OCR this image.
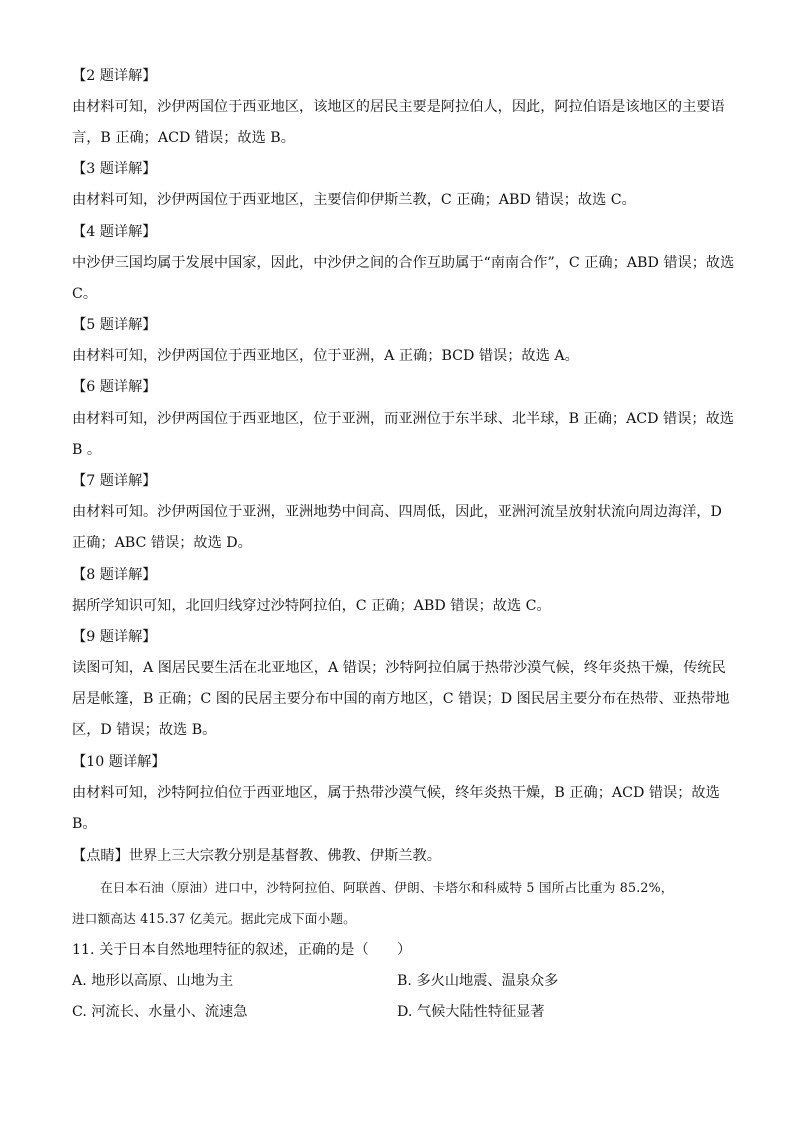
【2 题详解】
由材料可知，沙伊两国位于西亚地区，该地区的居民主要是阿拉伯人，因此，阿拉伯语是该地区的主要语
言，B 正确；ACD 错误；故选 B。
【3 题详解】
由材料可知，沙伊两国位于西亚地区，主要信仰伊斯兰教，C 正确；ABD 错误；故选 C。
【4 题详解】
中沙伊三国均属于发展中国家，因此，中沙伊之间的合作互助属于“南南合作”，C 正确；ABD 错误；故选
C。
【5 题详解】
由材料可知，沙伊两国位于西亚地区，位于亚洲，A 正确；BCD 错误；故选 A。
【6 题详解】
由材料可知，沙伊两国位于西亚地区，位于亚洲，而亚洲位于东半球、北半球，B 正确；ACD 错误；故选
B 。
【7 题详解】
由材料可知。沙伊两国位于亚洲，亚洲地势中间高、四周低，因此，亚洲河流呈放射状流向周边海洋，D
正确；ABC 错误；故选 D。
【8 题详解】
据所学知识可知，北回归线穿过沙特阿拉伯，C 正确；ABD 错误；故选 C。
【9 题详解】
读图可知，A 图居民要生活在北亚地区，A 错误；沙特阿拉伯属于热带沙漠气候，终年炎热干燥，传统民
居是帐篷，B 正确；C 图的民居主要分布中国的南方地区，C 错误；D 图民居主要分布在热带、亚热带地
区，D 错误；故选 B。
【10 题详解】
由材料可知，沙特阿拉伯位于西亚地区，属于热带沙漠气候，终年炎热干燥，B 正确；ACD 错误；故选
B。
【点睛】世界上三大宗教分别是基督教、佛教、伊斯兰教。
在日本石油（原油）进口中，沙特阿拉伯、阿联酋、伊朗、卡塔尔和科威特 5 国所占比重为 85.2%，
进口额高达 415.37 亿美元。据此完成下面小题。
11. 关于日本自然地理特征的叙述，正确的是（　　）
A. 地形以高原、山地为主	B. 多火山地震、温泉众多
C. 河流长、水量小、流速急	D. 气候大陆性特征显著
